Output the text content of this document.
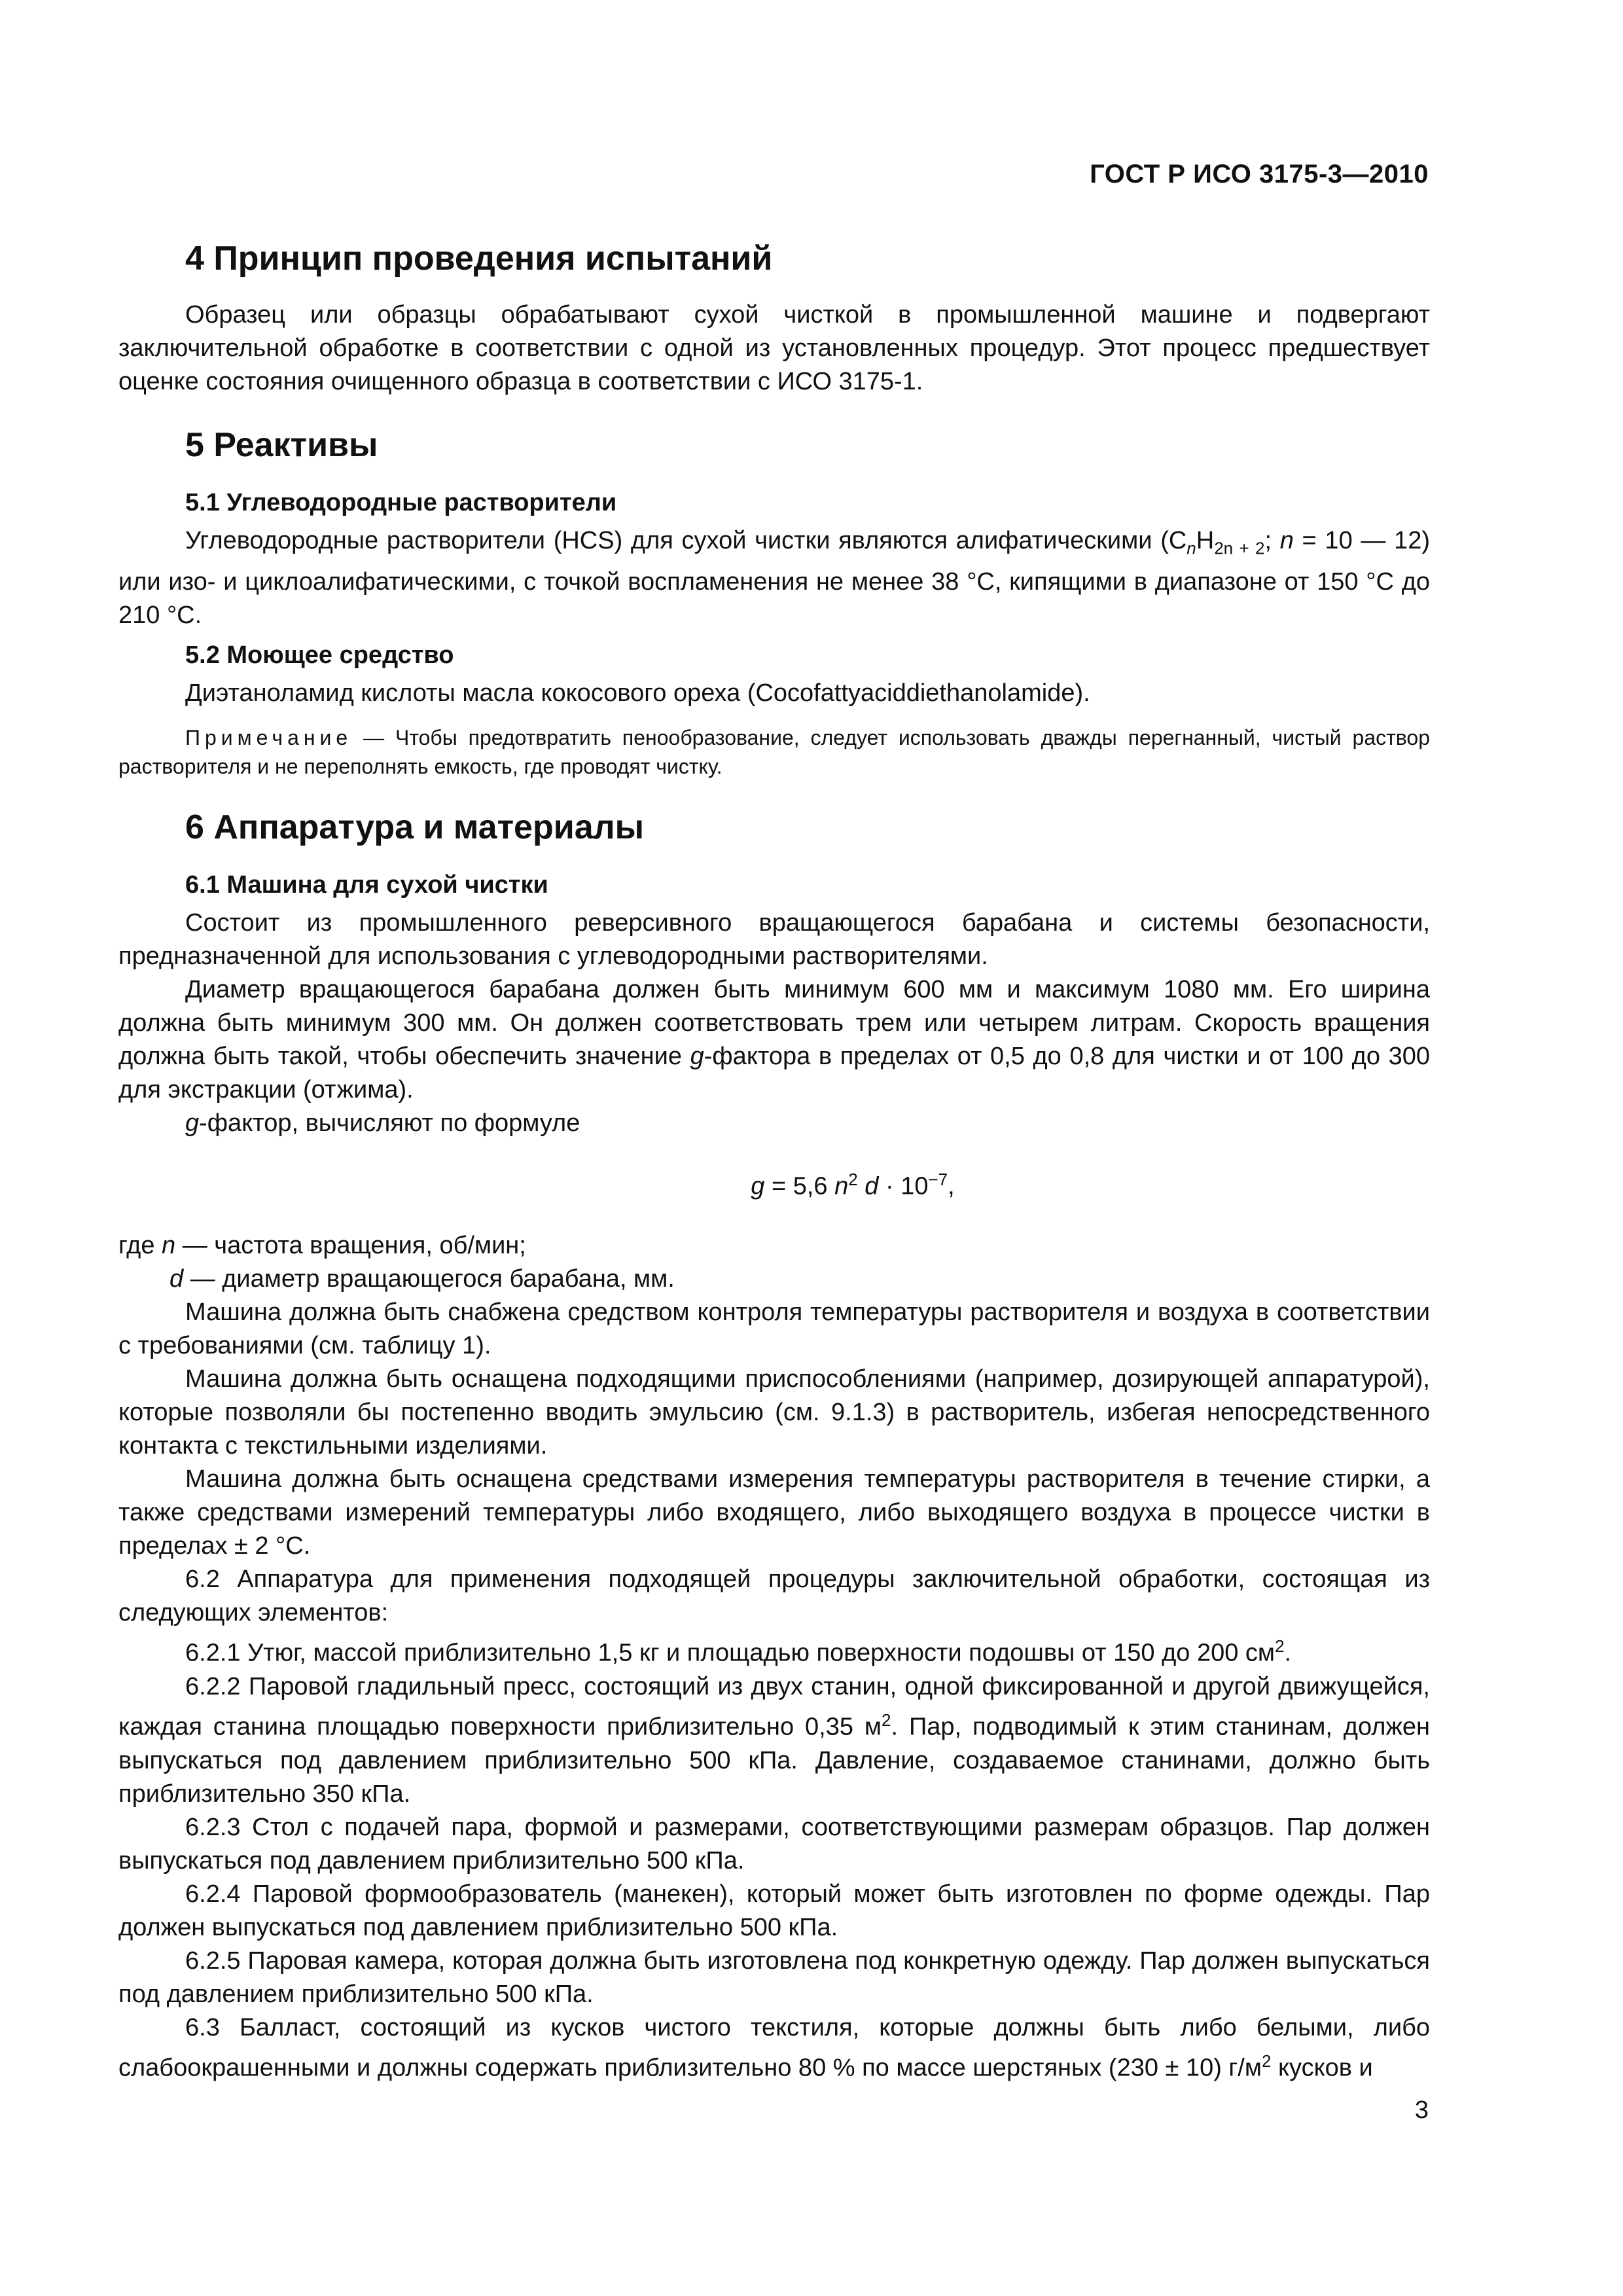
ГОСТ Р ИСО 3175-3—2010
4 Принцип проведения испытаний

Образец или образцы обрабатывают сухой чисткой в промышленной машине и подвергают заключительной обработке в соответствии с одной из установленных процедур. Этот процесс предшествует оценке состояния очищенного образца в соответствии с ИСО 3175-1.

5 Реактивы
5.1 Углеводородные растворители

Углеводородные растворители (HCS) для сухой чистки являются алифатическими ($C_nH_{2n + 2}$; n = 10 — 12) или изо- и циклоалифатическими, с точкой воспламенения не менее 38 °С, кипящими в диапазоне от 150 °С до 210 °С.

5.2 Моющее средство

Диэтаноламид кислоты масла кокосового ореха (Cocofattyaciddiethanolamide).

Примечание — Чтобы предотвратить пенообразование, следует использовать дважды перегнанный, чистый раствор растворителя и не переполнять емкость, где проводят чистку.

6 Аппаратура и материалы
6.1 Машина для сухой чистки

Состоит из промышленного реверсивного вращающегося барабана и системы безопасности, предназначенной для использования с углеводородными растворителями.

Диаметр вращающегося барабана должен быть минимум 600 мм и максимум 1080 мм. Его ширина должна быть минимум 300 мм. Он должен соответствовать трем или четырем литрам. Скорость вращения должна быть такой, чтобы обеспечить значение g-фактора в пределах от 0,5 до 0,8 для чистки и от 100 до 300 для экстракции (отжима).

g-фактор, вычисляют по формуле

g = 5,6 $n^2$ $d \cdot 10^{-7}$,

где n — частота вращения, об/мин;

d — диаметр вращающегося барабана, мм.

Машина должна быть снабжена средством контроля температуры растворителя и воздуха в соответствии с требованиями (см. таблицу 1).

Машина должна быть оснащена подходящими приспособлениями (например, дозирующей аппаратурой), которые позволяли бы постепенно вводить эмульсию (см. 9.1.3) в растворитель, избегая непосредственного контакта с текстильными изделиями.

Машина должна быть оснащена средствами измерения температуры растворителя в течение стирки, а также средствами измерений температуры либо входящего, либо выходящего воздуха в процессе чистки в пределах ± 2 °С.

6.2 Аппаратура для применения подходящей процедуры заключительной обработки, состоящая из следующих элементов:

6.2.1 Утюг, массой приблизительно 1,5 кг и площадью поверхности подошвы от 150 до 200 $см^2$.

6.2.2 Паровой гладильный пресс, состоящий из двух станин, одной фиксированной и другой движущейся, каждая станина площадью поверхности приблизительно 0,35 $м^2$. Пар, подводимый к этим станинам, должен выпускаться под давлением приблизительно 500 кПа. Давление, создаваемое станинами, должно быть приблизительно 350 кПа.

6.2.3 Стол с подачей пара, формой и размерами, соответствующими размерам образцов. Пар должен выпускаться под давлением приблизительно 500 кПа.

6.2.4 Паровой формообразователь (манекен), который может быть изготовлен по форме одежды. Пар должен выпускаться под давлением приблизительно 500 кПа.

6.2.5 Паровая камера, которая должна быть изготовлена под конкретную одежду. Пар должен выпускаться под давлением приблизительно 500 кПа.

6.3 Балласт, состоящий из кусков чистого текстиля, которые должны быть либо белыми, либо слабоокрашенными и должны содержать приблизительно 80 % по массе шерстяных (230 ± 10) $г/м^2$ кусков и

3
